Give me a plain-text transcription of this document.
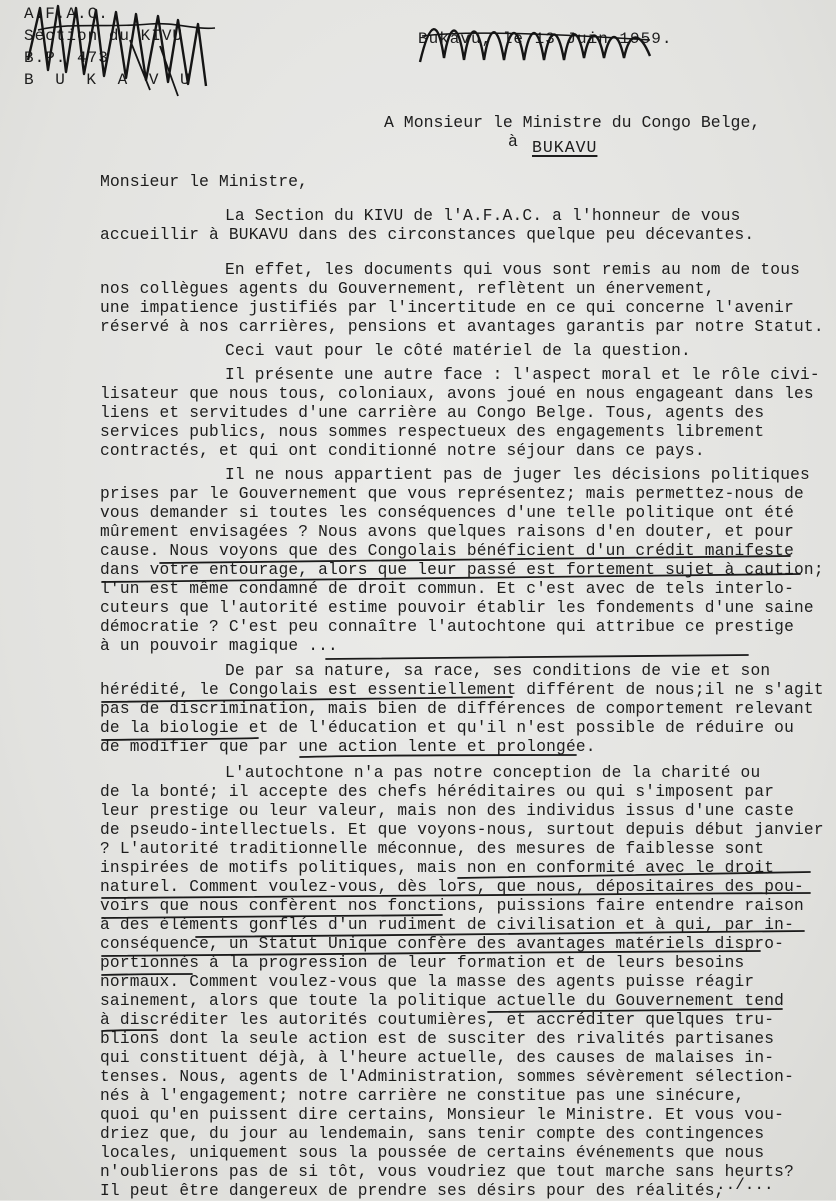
A.F.A.C.
Section du KIVU
B.P. 473
B U K A V U
Bukavu, le 13 Juin 1959.
A Monsieur le Ministre du Congo Belge,
à BUKAVU
Monsieur le Ministre,
La Section du KIVU de l'A.F.A.C. a l'honneur de vous
accueillir à BUKAVU dans des circonstances quelque peu décevantes.
En effet, les documents qui vous sont remis au nom de tous
nos collègues agents du Gouvernement, reflètent un énervement,
une impatience justifiés par l'incertitude en ce qui concerne l'avenir
réservé à nos carrières, pensions et avantages garantis par notre Statut.
Ceci vaut pour le côté matériel de la question.
Il présente une autre face : l'aspect moral et le rôle civi-
lisateur que nous tous, coloniaux, avons joué en nous engageant dans les
liens et servitudes d'une carrière au Congo Belge. Tous, agents des
services publics, nous sommes respectueux des engagements librement
contractés, et qui ont conditionné notre séjour dans ce pays.
Il ne nous appartient pas de juger les décisions politiques
prises par le Gouvernement que vous représentez; mais permettez-nous de
vous demander si toutes les conséquences d'une telle politique ont été
mûrement envisagées ? Nous avons quelques raisons d'en douter, et pour
cause. Nous voyons que des Congolais bénéficient d'un crédit manifeste
dans votre entourage, alors que leur passé est fortement sujet à caution;
l'un est même condamné de droit commun. Et c'est avec de tels interlo-
cuteurs que l'autorité estime pouvoir établir les fondements d'une saine
démocratie ? C'est peu connaître l'autochtone qui attribue ce prestige
à un pouvoir magique ...
De par sa nature, sa race, ses conditions de vie et son
hérédité, le Congolais est essentiellement différent de nous;il ne s'agit
pas de discrimination, mais bien de différences de comportement relevant
de la biologie et de l'éducation et qu'il n'est possible de réduire ou
de modifier que par une action lente et prolongée.
L'autochtone n'a pas notre conception de la charité ou
de la bonté; il accepte des chefs héréditaires ou qui s'imposent par
leur prestige ou leur valeur, mais non des individus issus d'une caste
de pseudo-intellectuels. Et que voyons-nous, surtout depuis début janvier
? L'autorité traditionnelle méconnue, des mesures de faiblesse sont
inspirées de motifs politiques, mais non en conformité avec le droit
naturel. Comment voulez-vous, dès lors, que nous, dépositaires des pou-
voirs que nous confèrent nos fonctions, puissions faire entendre raison
à des éléments gonflés d'un rudiment de civilisation et à qui, par in-
conséquence, un Statut Unique confère des avantages matériels dispro-
portionnés à la progression de leur formation et de leurs besoins
normaux. Comment voulez-vous que la masse des agents puisse réagir
sainement, alors que toute la politique actuelle du Gouvernement tend
à discréditer les autorités coutumières, et accréditer quelques tru-
blions dont la seule action est de susciter des rivalités partisanes
qui constituent déjà, à l'heure actuelle, des causes de malaises in-
tenses. Nous, agents de l'Administration, sommes sévèrement sélection-
nés à l'engagement; notre carrière ne constitue pas une sinécure,
quoi qu'en puissent dire certains, Monsieur le Ministre. Et vous vou-
driez que, du jour au lendemain, sans tenir compte des contingences
locales, uniquement sous la poussée de certains événements que nous
n'oublierons pas de si tôt, vous voudriez que tout marche sans heurts?
Il peut être dangereux de prendre ses désirs pour des réalités,
../...
